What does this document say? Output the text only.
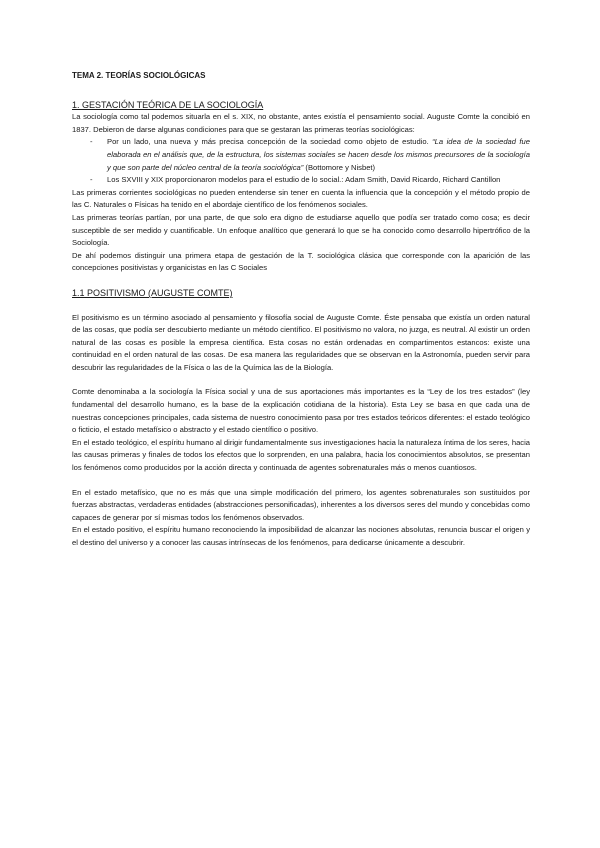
TEMA 2. TEORÍAS SOCIOLÓGICAS

1. GESTACIÓN TEÓRICA DE LA SOCIOLOGÍA

La sociología como tal podemos situarla en el s. XIX, no obstante, antes existía el pensamiento social. Auguste Comte la concibió en 1837. Debieron de darse algunas condiciones para que se gestaran las primeras teorías sociológicas:

- Por un lado, una nueva y más precisa concepción de la sociedad como objeto de estudio. “La idea de la sociedad fue elaborada en el análisis que, de la estructura, los sistemas sociales se hacen desde los mismos precursores de la sociología y que son parte del núcleo central de la teoría sociológica” (Bottomore y Nisbet)
- Los SXVIII y XIX proporcionaron modelos para el estudio de lo social.: Adam Smith, David Ricardo, Richard Cantillon

Las primeras corrientes sociológicas no pueden entenderse sin tener en cuenta la influencia que la concepción y el método propio de las C. Naturales o Físicas ha tenido en el abordaje científico de los fenómenos sociales.

Las primeras teorías partían, por una parte, de que solo era digno de estudiarse aquello que podía ser tratado como cosa; es decir susceptible de ser medido y cuantificable. Un enfoque analítico que generará lo que se ha conocido como desarrollo hipertrófico de la Sociología.

De ahí podemos distinguir una primera etapa de gestación de la T. sociológica clásica que corresponde con la aparición de las concepciones positivistas y organicistas en las C Sociales

1.1 POSITIVISMO (AUGUSTE COMTE)

El positivismo es un término asociado al pensamiento y filosofía social de Auguste Comte. Éste pensaba que existía un orden natural de las cosas, que podía ser descubierto mediante un método científico. El positivismo no valora, no juzga, es neutral. Al existir un orden natural de las cosas es posible la empresa científica. Esta cosas no están ordenadas en compartimentos estancos: existe una continuidad en el orden natural de las cosas. De esa manera las regularidades que se observan en la Astronomía, pueden servir para descubrir las regularidades de la Física o las de la Química las de la Biología.

Comte denominaba a la sociología la Física social y una de sus aportaciones más importantes es la “Ley de los tres estados” (ley fundamental del desarrollo humano, es la base de la explicación cotidiana de la historia). Esta Ley se basa en que cada una de nuestras concepciones principales, cada sistema de nuestro conocimiento pasa por tres estados teóricos diferentes: el estado teológico o ficticio, el estado metafísico o abstracto y el estado científico o positivo.

En el estado teológico, el espíritu humano al dirigir fundamentalmente sus investigaciones hacia la naturaleza íntima de los seres, hacia las causas primeras y finales de todos los efectos que lo sorprenden, en una palabra, hacia los conocimientos absolutos, se presentan los fenómenos como producidos por la acción directa y continuada de agentes sobrenaturales más o menos cuantiosos.

En el estado metafísico, que no es más que una simple modificación del primero, los agentes sobrenaturales son sustituidos por fuerzas abstractas, verdaderas entidades (abstracciones personificadas), inherentes a los diversos seres del mundo y concebidas como capaces de generar por sí mismas todos los fenómenos observados.

En el estado positivo, el espíritu humano reconociendo la imposibilidad de alcanzar las nociones absolutas, renuncia buscar el origen y el destino del universo y a conocer las causas intrínsecas de los fenómenos, para dedicarse únicamente a descubrir.
